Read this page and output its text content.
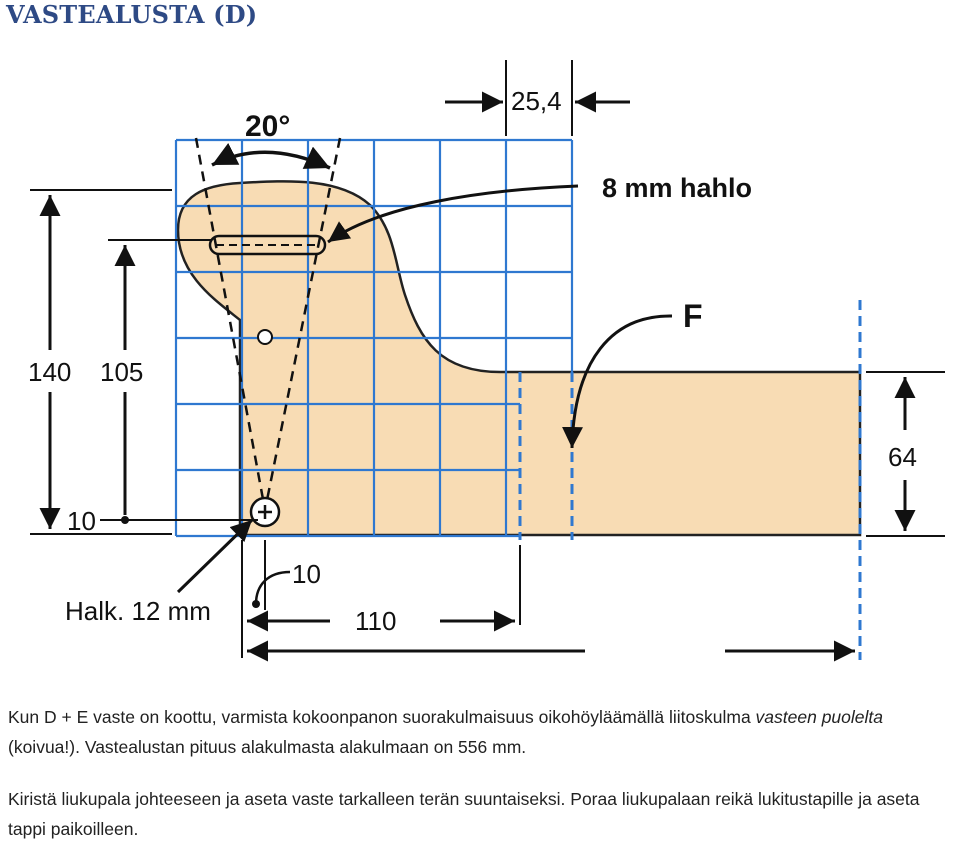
VASTEALUSTA (D)
20°
25,4
8 mm hahlo
F
140 105
10
64
10
Halk. 12 mm	110
Kun D + E vaste on koottu, varmista kokoonpanon suorakulmaisuus oikohöyläämällä liitoskulma vasteen puolelta (koivua!). Vastealustan pituus alakulmasta alakulmaan on 556 mm.
Kiristä liukupala johteeseen ja aseta vaste tarkalleen terän suuntaiseksi. Poraa liukupalaan reikä lukitustapille ja aseta tappi paikoilleen.
